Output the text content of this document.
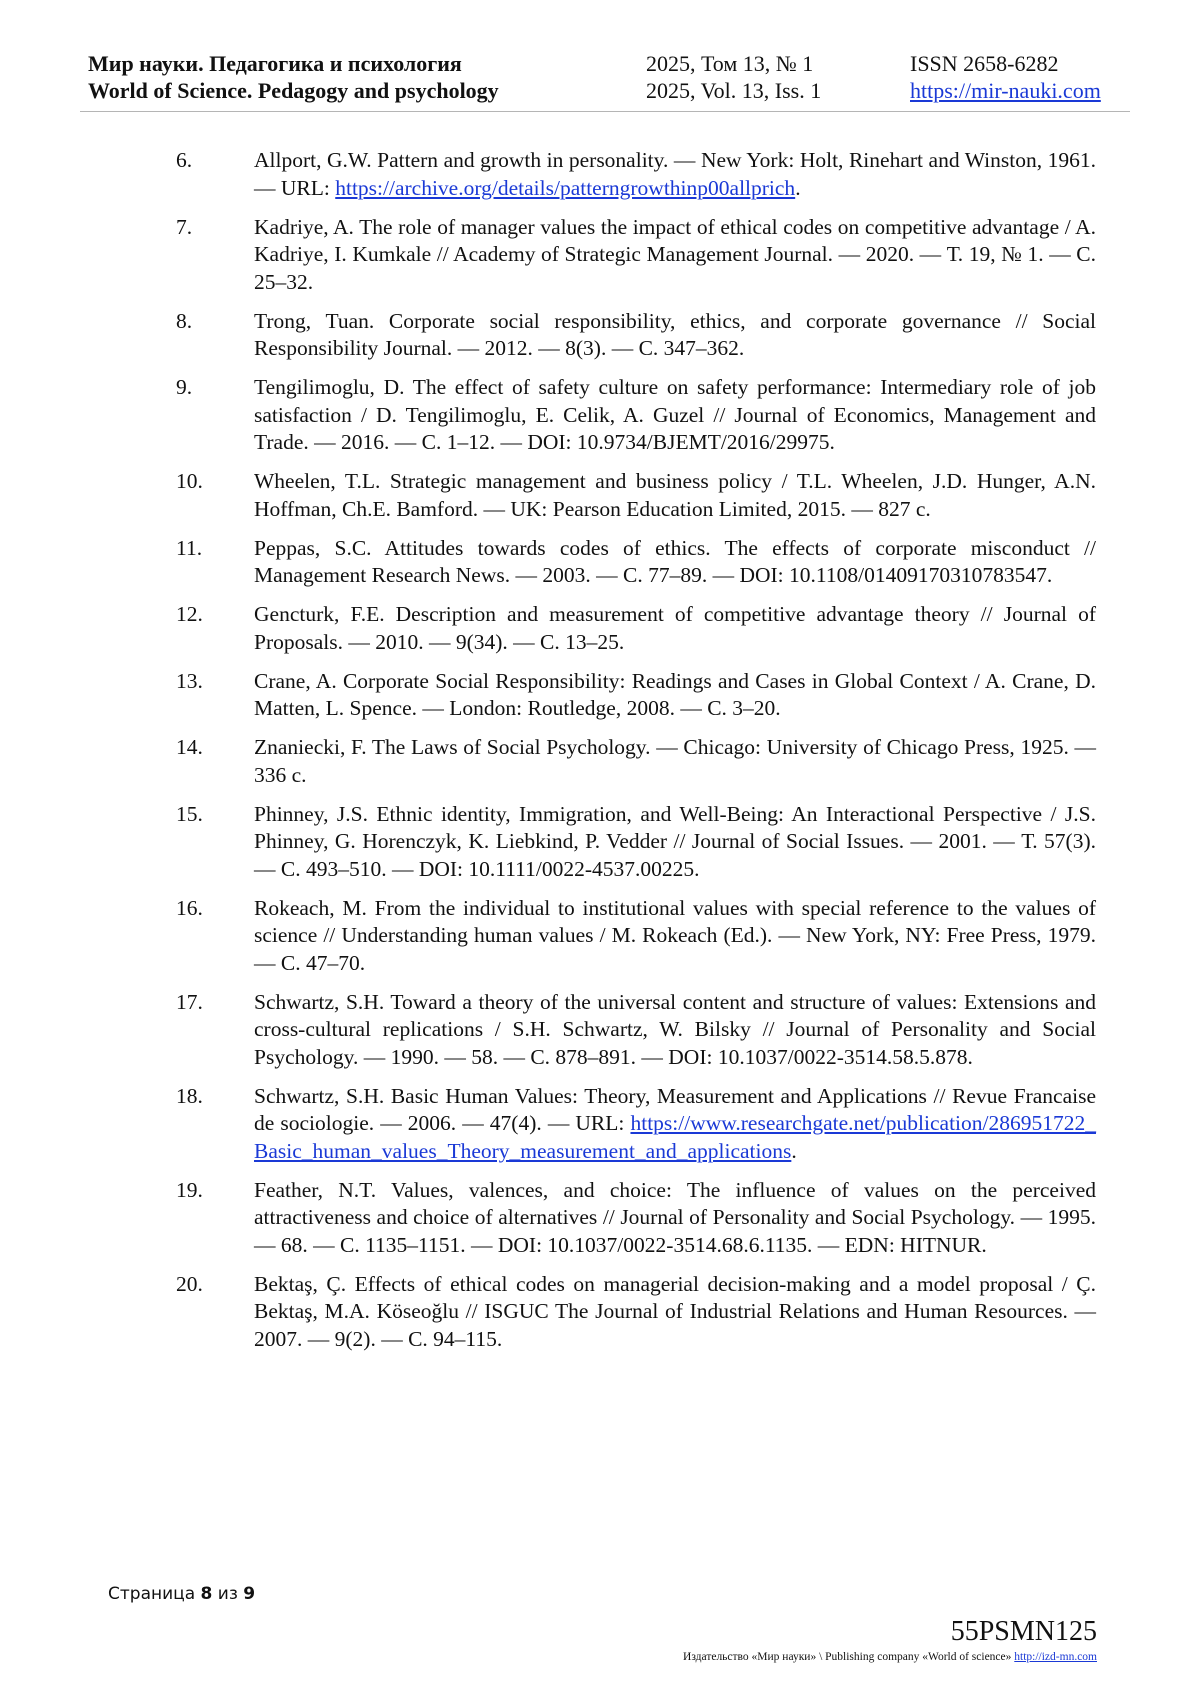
Мир науки. Педагогика и психология
World of Science. Pedagogy and psychology
2025, Том 13, № 1
2025, Vol. 13, Iss. 1
ISSN 2658-6282
https://mir-nauki.com
6.	Allport, G.W. Pattern and growth in personality. — New York: Holt, Rinehart and Winston, 1961. — URL: https://archive.org/details/patterngrowthinp00allprich.
7.	Kadriye, A. The role of manager values the impact of ethical codes on competitive advantage / A. Kadriye, I. Kumkale // Academy of Strategic Management Journal. — 2020. — Т. 19, № 1. — С. 25–32.
8.	Trong, Tuan. Corporate social responsibility, ethics, and corporate governance // Social Responsibility Journal. — 2012. — 8(3). — С. 347–362.
9.	Tengilimoglu, D. The effect of safety culture on safety performance: Intermediary role of job satisfaction / D. Tengilimoglu, E. Celik, A. Guzel // Journal of Economics, Management and Trade. — 2016. — С. 1–12. — DOI: 10.9734/BJEMT/2016/29975.
10. Wheelen, T.L. Strategic management and business policy / T.L. Wheelen, J.D. Hunger, A.N. Hoffman, Ch.E. Bamford. — UK: Pearson Education Limited, 2015. — 827 с.
11. Peppas, S.C. Attitudes towards codes of ethics. The effects of corporate misconduct // Management Research News. — 2003. — С. 77–89. — DOI: 10.1108/01409170310783547.
12. Gencturk, F.E. Description and measurement of competitive advantage theory // Journal of Proposals. — 2010. — 9(34). — С. 13–25.
13. Crane, A. Corporate Social Responsibility: Readings and Cases in Global Context / A. Crane, D. Matten, L. Spence. — London: Routledge, 2008. — С. 3–20.
14. Znaniecki, F. The Laws of Social Psychology. — Chicago: University of Chicago Press, 1925. — 336 с.
15. Phinney, J.S. Ethnic identity, Immigration, and Well-Being: An Interactional Perspective / J.S. Phinney, G. Horenczyk, K. Liebkind, P. Vedder // Journal of Social Issues. — 2001. — Т. 57(3). — С. 493–510. — DOI: 10.1111/0022-4537.00225.
16. Rokeach, M. From the individual to institutional values with special reference to the values of science // Understanding human values / M. Rokeach (Ed.). — New York, NY: Free Press, 1979. — С. 47–70.
17. Schwartz, S.H. Toward a theory of the universal content and structure of values: Extensions and cross-cultural replications / S.H. Schwartz, W. Bilsky // Journal of Personality and Social Psychology. — 1990. — 58. — С. 878–891. — DOI: 10.1037/0022-3514.58.5.878.
18. Schwartz, S.H. Basic Human Values: Theory, Measurement and Applications // Revue Francaise de sociologie. — 2006. — 47(4). — URL: https://www.researchgate.net/publication/286951722_Basic_human_values_Theory_measurement_and_applications.
19. Feather, N.T. Values, valences, and choice: The influence of values on the perceived attractiveness and choice of alternatives // Journal of Personality and Social Psychology. — 1995. — 68. — С. 1135–1151. — DOI: 10.1037/0022-3514.68.6.1135. — EDN: HITNUR.
20. Bektaş, Ç. Effects of ethical codes on managerial decision-making and a model proposal / Ç. Bektaş, M.A. Köseoğlu // ISGUC The Journal of Industrial Relations and Human Resources. — 2007. — 9(2). — С. 94–115.
Страница 8 из 9
55PSMN125
Издательство «Мир науки» \ Publishing company «World of science» http://izd-mn.com
